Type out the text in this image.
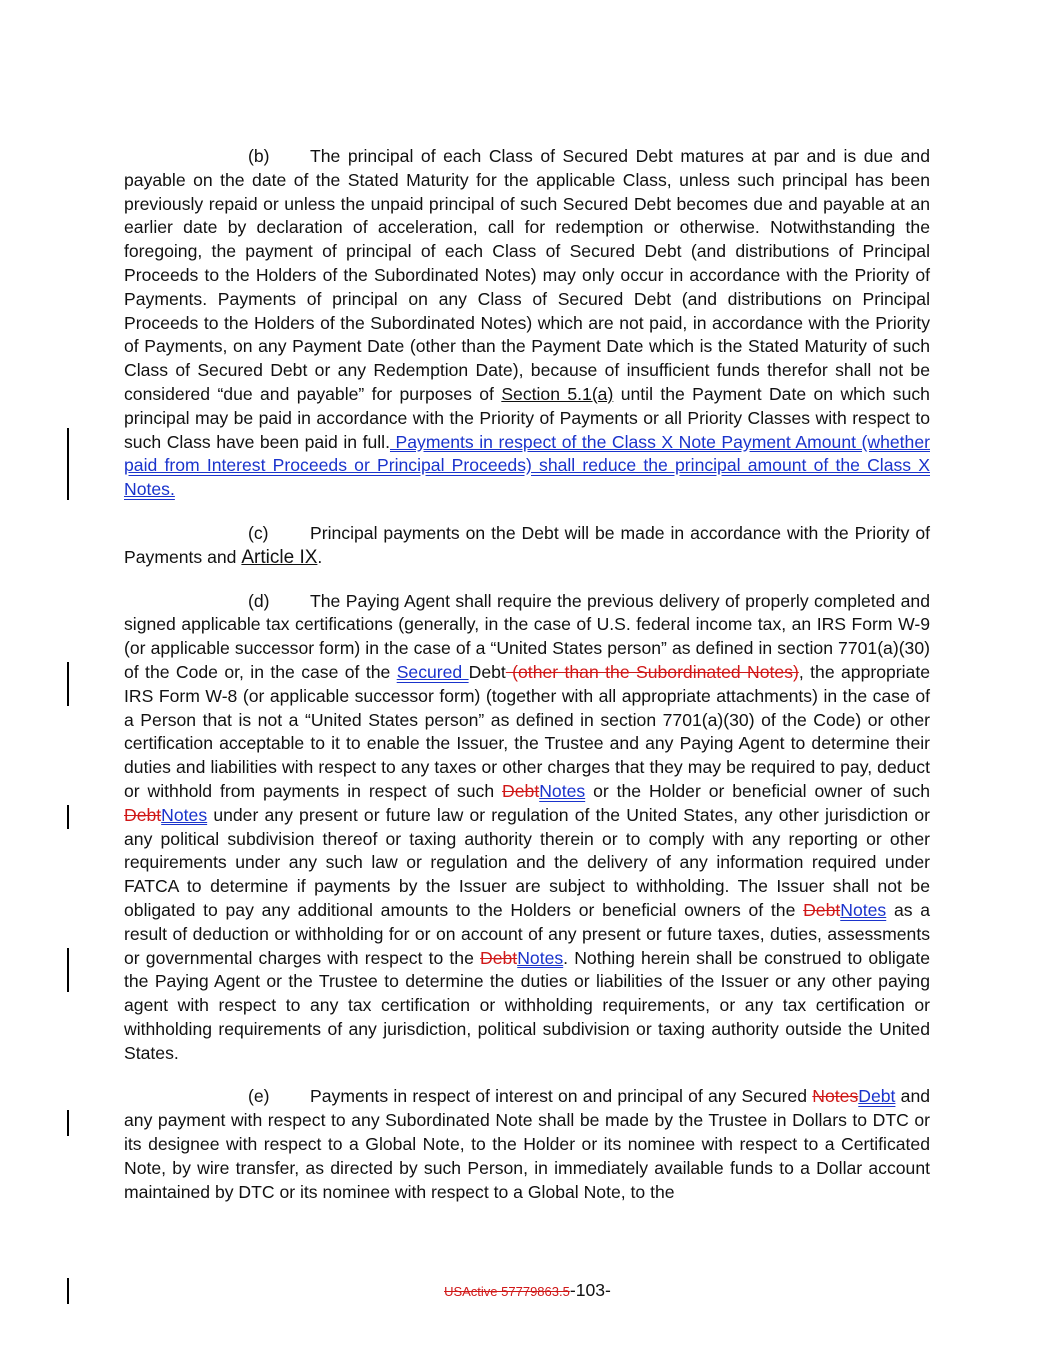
(b) The principal of each Class of Secured Debt matures at par and is due and payable on the date of the Stated Maturity for the applicable Class, unless such principal has been previously repaid or unless the unpaid principal of such Secured Debt becomes due and payable at an earlier date by declaration of acceleration, call for redemption or otherwise. Notwithstanding the foregoing, the payment of principal of each Class of Secured Debt (and distributions of Principal Proceeds to the Holders of the Subordinated Notes) may only occur in accordance with the Priority of Payments. Payments of principal on any Class of Secured Debt (and distributions on Principal Proceeds to the Holders of the Subordinated Notes) which are not paid, in accordance with the Priority of Payments, on any Payment Date (other than the Payment Date which is the Stated Maturity of such Class of Secured Debt or any Redemption Date), because of insufficient funds therefor shall not be considered “due and payable” for purposes of Section 5.1(a) until the Payment Date on which such principal may be paid in accordance with the Priority of Payments or all Priority Classes with respect to such Class have been paid in full. Payments in respect of the Class X Note Payment Amount (whether paid from Interest Proceeds or Principal Proceeds) shall reduce the principal amount of the Class X Notes.

(c) Principal payments on the Debt will be made in accordance with the Priority of Payments and Article IX.

(d) The Paying Agent shall require the previous delivery of properly completed and signed applicable tax certifications (generally, in the case of U.S. federal income tax, an IRS Form W-9 (or applicable successor form) in the case of a “United States person” as defined in section 7701(a)(30) of the Code or, in the case of the Secured Debt (other than the Subordinated Notes), the appropriate IRS Form W-8 (or applicable successor form) (together with all appropriate attachments) in the case of a Person that is not a “United States person” as defined in section 7701(a)(30) of the Code) or other certification acceptable to it to enable the Issuer, the Trustee and any Paying Agent to determine their duties and liabilities with respect to any taxes or other charges that they may be required to pay, deduct or withhold from payments in respect of such DebtNotes or the Holder or beneficial owner of such DebtNotes under any present or future law or regulation of the United States, any other jurisdiction or any political subdivision thereof or taxing authority therein or to comply with any reporting or other requirements under any such law or regulation and the delivery of any information required under FATCA to determine if payments by the Issuer are subject to withholding. The Issuer shall not be obligated to pay any additional amounts to the Holders or beneficial owners of the DebtNotes as a result of deduction or withholding for or on account of any present or future taxes, duties, assessments or governmental charges with respect to the DebtNotes. Nothing herein shall be construed to obligate the Paying Agent or the Trustee to determine the duties or liabilities of the Issuer or any other paying agent with respect to any tax certification or withholding requirements, or any tax certification or withholding requirements of any jurisdiction, political subdivision or taxing authority outside the United States.

(e) Payments in respect of interest on and principal of any Secured NotesDebt and any payment with respect to any Subordinated Note shall be made by the Trustee in Dollars to DTC or its designee with respect to a Global Note, to the Holder or its nominee with respect to a Certificated Note, by wire transfer, as directed by such Person, in immediately available funds to a Dollar account maintained by DTC or its nominee with respect to a Global Note, to the

USActive 57779863.5-103-
